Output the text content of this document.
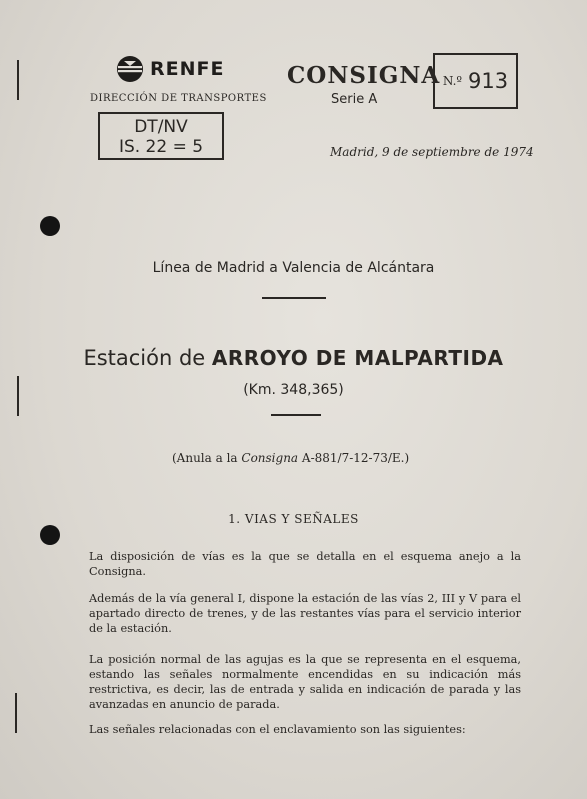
RENFE
DIRECCIÓN DE TRANSPORTES
DT/NV
IS. 22 = 5
CONSIGNA
Serie A
N.º 913
Madrid, 9 de septiembre de 1974
Línea de Madrid a Valencia de Alcántara
Estación de ARROYO DE MALPARTIDA
(Km. 348,365)
(Anula a la Consigna A-881/7-12-73/E.)
1. VIAS Y SEÑALES
La disposición de vías es la que se detalla en el esquema anejo a la Consigna.
Además de la vía general I, dispone la estación de las vías 2, III y V para el apartado directo de trenes, y de las restantes vías para el servicio interior de la estación.
La posición normal de las agujas es la que se representa en el esquema, estando las señales normalmente encendidas en su indicación más restrictiva, es decir, las de entrada y salida en indicación de parada y las avanzadas en anuncio de parada.
Las señales relacionadas con el enclavamiento son las siguientes:
